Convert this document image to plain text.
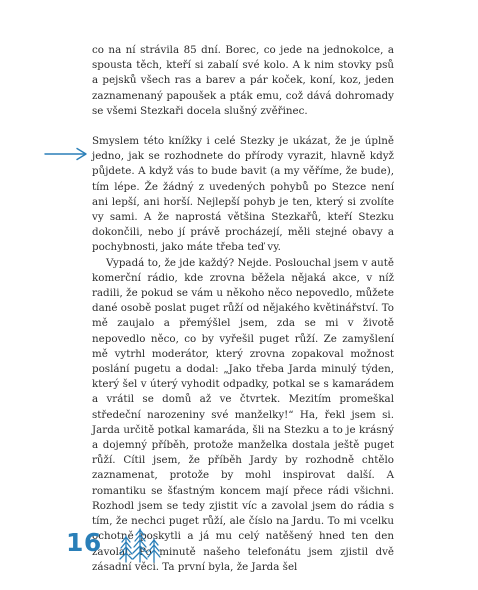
co na ní strávila 85 dní. Borec, co jede na jednokolce, a spousta těch, kteří si zabalí své kolo. A k nim stovky psů a pejsků všech ras a barev a pár koček, koní, koz, jeden zaznamenaný papoušek a pták emu, což dává dohromady se všemi Stezkaři docela slušný zvěřinec.

Smyslem této knížky i celé Stezky je ukázat, že je úplně jedno, jak se rozhodnete do přírody vyrazit, hlavně když půjdete. A když vás to bude bavit (a my věříme, že bude), tím lépe. Že žádný z uvedených pohybů po Stezce není ani lepší, ani horší. Nejlepší pohyb je ten, který si zvolíte vy sami. A že naprostá většina Stezkařů, kteří Stezku dokončili, nebo jí právě procházejí, měli stejné obavy a pochybnosti, jako máte třeba teď vy.

Vypadá to, že jde každý? Nejde. Poslouchal jsem v autě komerční rádio, kde zrovna běžela nějaká akce, v níž radili, že pokud se vám u někoho něco nepovedlo, můžete dané osobě poslat puget růží od nějakého květinářství. To mě zaujalo a přemýšlel jsem, zda se mi v životě nepovedlo něco, co by vyřešil puget růží. Ze zamyšlení mě vytrhl moderátor, který zrovna zopakoval možnost poslání pugetu a dodal: „Jako třeba Jarda minulý týden, který šel v úterý vyhodit odpadky, potkal se s kamarádem a vrátil se domů až ve čtvrtek. Mezitím promeškal středeční narozeniny své manželky!“ Ha, řekl jsem si. Jarda určitě potkal kamaráda, šli na Stezku a to je krásný a dojemný příběh, protože manželka dostala ještě puget růží. Cítil jsem, že příběh Jardy by rozhodně chtělo zaznamenat, protože by mohl inspirovat další. A romantiku se šťastným koncem mají přece rádi všichni. Rozhodl jsem se tedy zjistit víc a zavolal jsem do rádia s tím, že nechci puget růží, ale číslo na Jardu. To mi vcelku ochotně poskytli a já mu celý natěšený hned ten den zavolal. Po minutě našeho telefonátu jsem zjistil dvě zásadní věci. Ta první byla, že Jarda šel

16
